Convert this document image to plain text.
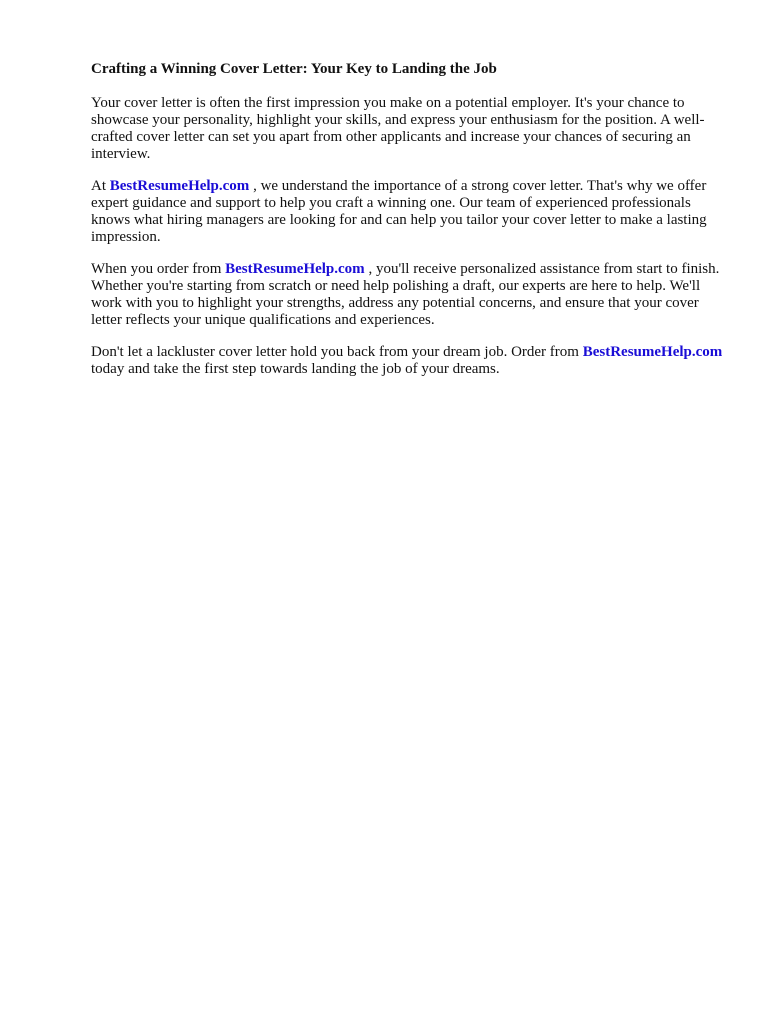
Crafting a Winning Cover Letter: Your Key to Landing the Job

Your cover letter is often the first impression you make on a potential employer. It's your chance to showcase your personality, highlight your skills, and express your enthusiasm for the position. A well-crafted cover letter can set you apart from other applicants and increase your chances of securing an interview.

At BestResumeHelp.com , we understand the importance of a strong cover letter. That's why we offer expert guidance and support to help you craft a winning one. Our team of experienced professionals knows what hiring managers are looking for and can help you tailor your cover letter to make a lasting impression.

When you order from BestResumeHelp.com , you'll receive personalized assistance from start to finish. Whether you're starting from scratch or need help polishing a draft, our experts are here to help. We'll work with you to highlight your strengths, address any potential concerns, and ensure that your cover letter reflects your unique qualifications and experiences.

Don't let a lackluster cover letter hold you back from your dream job. Order from BestResumeHelp.com today and take the first step towards landing the job of your dreams.
